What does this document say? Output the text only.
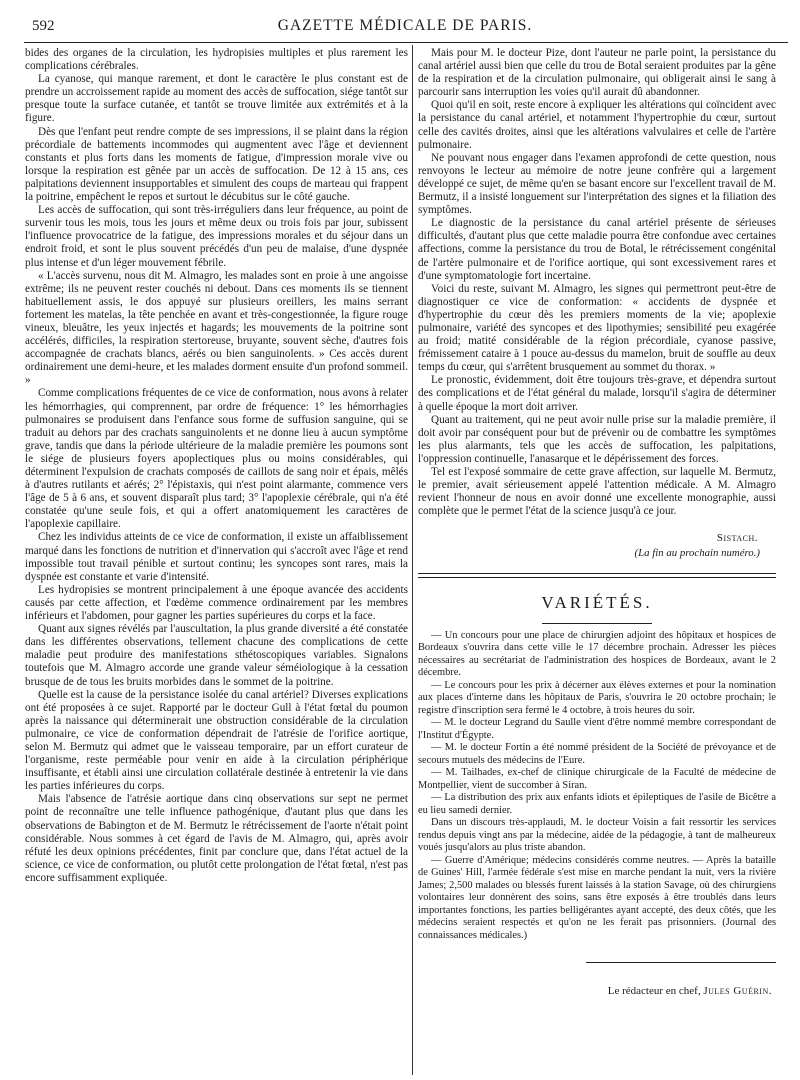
592	GAZETTE MÉDICALE DE PARIS.

bides des organes de la circulation, les hydropisies multiples et plus rarement les complications cérébrales.

La cyanose, qui manque rarement, et dont le caractère le plus constant est de prendre un accroissement rapide au moment des accès de suffocation, siége tantôt sur presque toute la surface cutanée, et tantôt se trouve limitée aux extrémités et à la figure.

Dès que l'enfant peut rendre compte de ses impressions, il se plaint dans la région précordiale de battements incommodes qui augmentent avec l'âge et deviennent constants et plus forts dans les moments de fatigue, d'impression morale vive ou lorsque la respiration est gênée par un accès de suffocation. De 12 à 15 ans, ces palpitations deviennent insupportables et simulent des coups de marteau qui frappent la poitrine, empêchent le repos et surtout le décubitus sur le côté gauche.

Les accès de suffocation, qui sont très-irréguliers dans leur fréquence, au point de survenir tous les mois, tous les jours et même deux ou trois fois par jour, subissent l'influence provocatrice de la fatigue, des impressions morales et du séjour dans un endroit froid, et sont le plus souvent précédés d'un peu de malaise, d'une dyspnée plus intense et d'un léger mouvement fébrile.

« L'accès survenu, nous dit M. Almagro, les malades sont en proie à une angoisse extrême; ils ne peuvent rester couchés ni debout. Dans ces moments ils se tiennent habituellement assis, le dos appuyé sur plusieurs oreillers, les mains serrant fortement les matelas, la tête penchée en avant et très-congestionnée, la figure rouge vineux, bleuâtre, les yeux injectés et hagards; les mouvements de la poitrine sont accélérés, difficiles, la respiration stertoreuse, bruyante, souvent sèche, d'autres fois accompagnée de crachats blancs, aérés ou bien sanguinolents. » Ces accès durent ordinairement une demi-heure, et les malades dorment ensuite d'un profond sommeil. »

Comme complications fréquentes de ce vice de conformation, nous avons à relater les hémorrhagies, qui comprennent, par ordre de fréquence: 1° les hémorrhagies pulmonaires se produisent dans l'enfance sous forme de suffusion sanguine, qui se traduit au dehors par des crachats sanguinolents et ne donne lieu à aucun symptôme grave, tandis que dans la période ultérieure de la maladie première les poumons sont le siége de plusieurs foyers apoplectiques plus ou moins considérables, qui déterminent l'expulsion de crachats composés de caillots de sang noir et épais, mêlés à d'autres rutilants et aérés; 2° l'épistaxis, qui n'est point alarmante, commence vers l'âge de 5 à 6 ans, et souvent disparaît plus tard; 3° l'apoplexie cérébrale, qui n'a été constatée qu'une seule fois, et qui a offert anatomiquement les caractères de l'apoplexie capillaire.

Chez les individus atteints de ce vice de conformation, il existe un affaiblissement marqué dans les fonctions de nutrition et d'innervation qui s'accroît avec l'âge et rend impossible tout travail pénible et surtout continu; les syncopes sont rares, mais la dyspnée est constante et varie d'intensité.

Les hydropisies se montrent principalement à une époque avancée des accidents causés par cette affection, et l'œdème commence ordinairement par les membres inférieurs et l'abdomen, pour gagner les parties supérieures du corps et la face.

Quant aux signes révélés par l'auscultation, la plus grande diversité a été constatée dans les différentes observations, tellement chacune des complications de cette maladie peut produire des manifestations sthétoscopiques variables. Signalons toutefois que M. Almagro accorde une grande valeur séméiologique à la cessation brusque de de tous les bruits morbides dans le sommet de la poitrine.

Quelle est la cause de la persistance isolée du canal artériel? Diverses explications ont été proposées à ce sujet. Rapporté par le docteur Gull à l'état fœtal du poumon après la naissance qui déterminerait une obstruction considérable de la circulation pulmonaire, ce vice de conformation dépendrait de l'atrésie de l'orifice aortique, selon M. Bermutz qui admet que le vaisseau temporaire, par un effort curateur de l'organisme, reste perméable pour venir en aide à la circulation périphérique insuffisante, et établi ainsi une circulation collatérale destinée à entretenir la vie dans les parties inférieures du corps.

Mais l'absence de l'atrésie aortique dans cinq observations sur sept ne permet point de reconnaître une telle influence pathogénique, d'autant plus que dans les observations de Babington et de M. Bermutz le rétrécissement de l'aorte n'était point considérable. Nous sommes à cet égard de l'avis de M. Almagro, qui, après avoir réfuté les deux opinions précédentes, finit par conclure que, dans l'état actuel de la science, ce vice de conformation, ou plutôt cette prolongation de l'état fœtal, n'est pas encore suffisamment expliquée.

Mais pour M. le docteur Pize, dont l'auteur ne parle point, la persistance du canal artériel aussi bien que celle du trou de Botal seraient produites par la gêne de la respiration et de la circulation pulmonaire, qui obligerait ainsi le sang à parcourir sans interruption les voies qu'il aurait dû abandonner.

Quoi qu'il en soit, reste encore à expliquer les altérations qui coïncident avec la persistance du canal artériel, et notamment l'hypertrophie du cœur, surtout celle des cavités droites, ainsi que les altérations valvulaires et celle de l'artère pulmonaire.

Ne pouvant nous engager dans l'examen approfondi de cette question, nous renvoyons le lecteur au mémoire de notre jeune confrère qui a largement développé ce sujet, de même qu'en se basant encore sur l'excellent travail de M. Bermutz, il a insisté longuement sur l'interprétation des signes et la filiation des symptômes.

Le diagnostic de la persistance du canal artériel présente de sérieuses difficultés, d'autant plus que cette maladie pourra être confondue avec certaines affections, comme la persistance du trou de Botal, le rétrécissement congénital de l'artère pulmonaire et de l'orifice aortique, qui sont excessivement rares et d'une symptomatologie fort incertaine.

Voici du reste, suivant M. Almagro, les signes qui permettront peut-être de diagnostiquer ce vice de conformation: « accidents de dyspnée et d'hypertrophie du cœur dès les premiers moments de la vie; apoplexie pulmonaire, variété des syncopes et des lipothymies; sensibilité peu exagérée au froid; matité considérable de la région précordiale, cyanose passive, frémissement cataire à 1 pouce au-dessus du mamelon, bruit de souffle au deux temps du cœur, qui s'arrêtent brusquement au sommet du thorax. »

Le pronostic, évidemment, doit être toujours très-grave, et dépendra surtout des complications et de l'état général du malade, lorsqu'il s'agira de déterminer à quelle époque la mort doit arriver.

Quant au traitement, qui ne peut avoir nulle prise sur la maladie première, il doit avoir par conséquent pour but de prévenir ou de combattre les symptômes les plus alarmants, tels que les accès de suffocation, les palpitations, l'oppression continuelle, l'anasarque et le dépérissement des forces.

Tel est l'exposé sommaire de cette grave affection, sur laquelle M. Bermutz, le premier, avait sérieusement appelé l'attention médicale. A M. Almagro revient l'honneur de nous en avoir donné une excellente monographie, aussi complète que le permet l'état de la science jusqu'à ce jour.

Sistach.
(La fin au prochain numéro.)
VARIÉTÉS.

— Un concours pour une place de chirurgien adjoint des hôpitaux et hospices de Bordeaux s'ouvrira dans cette ville le 17 décembre prochain. Adresser les pièces nécessaires au secrétariat de l'administration des hospices de Bordeaux, avant le 2 décembre.

— Le concours pour les prix à décerner aux élèves externes et pour la nomination aux places d'interne dans les hôpitaux de Paris, s'ouvrira le 20 octobre prochain; le registre d'inscription sera fermé le 4 octobre, à trois heures du soir.

— M. le docteur Legrand du Saulle vient d'être nommé membre correspondant de l'Institut d'Égypte.

— M. le docteur Fortin a été nommé président de la Société de prévoyance et de secours mutuels des médecins de l'Eure.

— M. Tailhades, ex-chef de clinique chirurgicale de la Faculté de médecine de Montpellier, vient de succomber à Siran.

— La distribution des prix aux enfants idiots et épileptiques de l'asile de Bicêtre a eu lieu samedi dernier.

Dans un discours très-applaudi, M. le docteur Voisin a fait ressortir les services rendus depuis vingt ans par la médecine, aidée de la pédagogie, à tant de malheureux voués jusqu'alors au plus triste abandon.

— Guerre d'Amérique; médecins considérés comme neutres. — Après la bataille de Guines' Hill, l'armée fédérale s'est mise en marche pendant la nuit, vers la rivière James; 2,500 malades ou blessés furent laissés à la station Savage, où des chirurgiens volontaires leur donnèrent des soins, sans être exposés à être troublés dans leurs importantes fonctions, les parties belligérantes ayant accepté, des deux côtés, que les médecins seraient respectés et qu'on ne les ferait pas prisonniers. (Journal des connaissances médicales.)

Le rédacteur en chef, Jules Guérin.
